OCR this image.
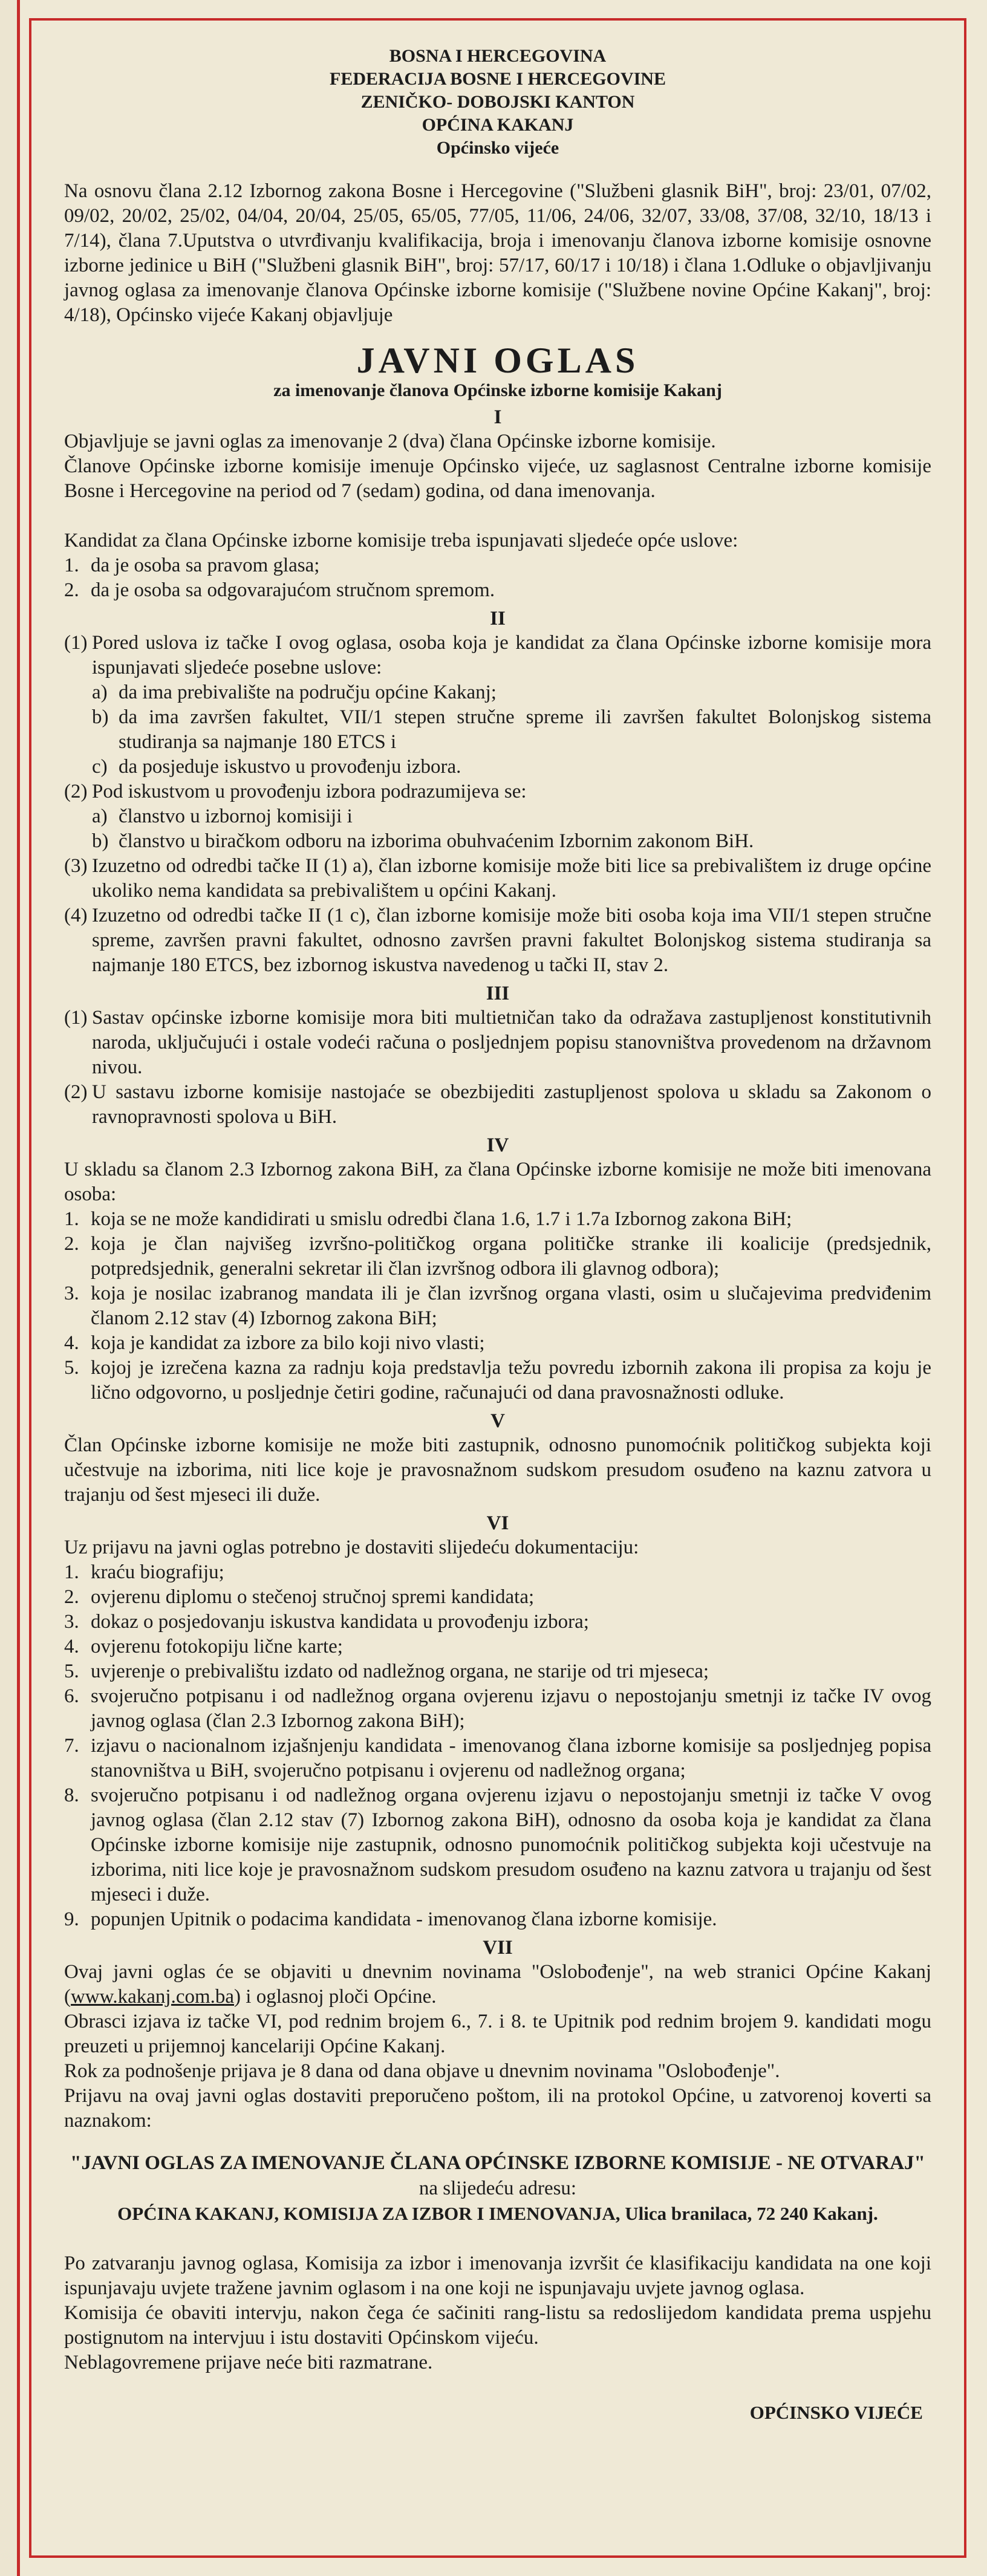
BOSNA I HERCEGOVINA
FEDERACIJA BOSNE I HERCEGOVINE
ZENIČKO- DOBOJSKI KANTON
OPĆINA KAKANJ
Općinsko vijeće

Na osnovu člana 2.12 Izbornog zakona Bosne i Hercegovine ("Službeni glasnik BiH", broj: 23/01, 07/02, 09/02, 20/02, 25/02, 04/04, 20/04, 25/05, 65/05, 77/05, 11/06, 24/06, 32/07, 33/08, 37/08, 32/10, 18/13 i 7/14), člana 7.Uputstva o utvrđivanju kvalifikacija, broja i imenovanju članova izborne komisije osnovne izborne jedinice u BiH ("Službeni glasnik BiH", broj: 57/17, 60/17 i 10/18) i člana 1.Odluke o objavljivanju javnog oglasa za imenovanje članova Općinske izborne komisije ("Službene novine Općine Kakanj", broj: 4/18), Općinsko vijeće Kakanj objavljuje

JAVNI OGLAS
za imenovanje članova Općinske izborne komisije Kakanj
I

Objavljuje se javni oglas za imenovanje 2 (dva) člana Općinske izborne komisije.

Članove Općinske izborne komisije imenuje Općinsko vijeće, uz saglasnost Centralne izborne komisije Bosne i Hercegovine na period od 7 (sedam) godina, od dana imenovanja.

Kandidat za člana Općinske izborne komisije treba ispunjavati sljedeće opće uslove:

1. da je osoba sa pravom glasa;
2. da je osoba sa odgovarajućom stručnom spremom.
II
(1) Pored uslova iz tačke I ovog oglasa, osoba koja je kandidat za člana Općinske izborne komisije mora ispunjavati sljedeće posebne uslove:
a) da ima prebivalište na području općine Kakanj;
b) da ima završen fakultet, VII/1 stepen stručne spreme ili završen fakultet Bolonjskog sistema studiranja sa najmanje 180 ETCS i
c) da posjeduje iskustvo u provođenju izbora.
(2) Pod iskustvom u provođenju izbora podrazumijeva se:
a) članstvo u izbornoj komisiji i
b) članstvo u biračkom odboru na izborima obuhvaćenim Izbornim zakonom BiH.
(3) Izuzetno od odredbi tačke II (1) a), član izborne komisije može biti lice sa prebivalištem iz druge općine ukoliko nema kandidata sa prebivalištem u općini Kakanj.
(4) Izuzetno od odredbi tačke II (1 c), član izborne komisije može biti osoba koja ima VII/1 stepen stručne spreme, završen pravni fakultet, odnosno završen pravni fakultet Bolonjskog sistema studiranja sa najmanje 180 ETCS, bez izbornog iskustva navedenog u tački II, stav 2.
III
(1) Sastav općinske izborne komisije mora biti multietničan tako da odražava zastupljenost konstitutivnih naroda, uključujući i ostale vodeći računa o posljednjem popisu stanovništva provedenom na državnom nivou.
(2) U sastavu izborne komisije nastojaće se obezbijediti zastupljenost spolova u skladu sa Zakonom o ravnopravnosti spolova u BiH.
IV

U skladu sa članom 2.3 Izbornog zakona BiH, za člana Općinske izborne komisije ne može biti imenovana osoba:

1. koja se ne može kandidirati u smislu odredbi člana 1.6, 1.7 i 1.7a Izbornog zakona BiH;
2. koja je član najvišeg izvršno-političkog organa političke stranke ili koalicije (predsjednik, potpredsjednik, generalni sekretar ili član izvršnog odbora ili glavnog odbora);
3. koja je nosilac izabranog mandata ili je član izvršnog organa vlasti, osim u slučajevima predviđenim članom 2.12 stav (4) Izbornog zakona BiH;
4. koja je kandidat za izbore za bilo koji nivo vlasti;
5. kojoj je izrečena kazna za radnju koja predstavlja težu povredu izbornih zakona ili propisa za koju je lično odgovorno, u posljednje četiri godine, računajući od dana pravosnažnosti odluke.
V

Član Općinske izborne komisije ne može biti zastupnik, odnosno punomoćnik političkog subjekta koji učestvuje na izborima, niti lice koje je pravosnažnom sudskom presudom osuđeno na kaznu zatvora u trajanju od šest mjeseci ili duže.

VI

Uz prijavu na javni oglas potrebno je dostaviti slijedeću dokumentaciju:

1. kraću biografiju;
2. ovjerenu diplomu o stečenoj stručnoj spremi kandidata;
3. dokaz o posjedovanju iskustva kandidata u provođenju izbora;
4. ovjerenu fotokopiju lične karte;
5. uvjerenje o prebivalištu izdato od nadležnog organa, ne starije od tri mjeseca;
6. svojeručno potpisanu i od nadležnog organa ovjerenu izjavu o nepostojanju smetnji iz tačke IV ovog javnog oglasa (član 2.3 Izbornog zakona BiH);
7. izjavu o nacionalnom izjašnjenju kandidata - imenovanog člana izborne komisije sa posljednjeg popisa stanovništva u BiH, svojeručno potpisanu i ovjerenu od nadležnog organa;
8. svojeručno potpisanu i od nadležnog organa ovjerenu izjavu o nepostojanju smetnji iz tačke V ovog javnog oglasa (član 2.12 stav (7) Izbornog zakona BiH), odnosno da osoba koja je kandidat za člana Općinske izborne komisije nije zastupnik, odnosno punomoćnik političkog subjekta koji učestvuje na izborima, niti lice koje je pravosnažnom sudskom presudom osuđeno na kaznu zatvora u trajanju od šest mjeseci i duže.
9. popunjen Upitnik o podacima kandidata - imenovanog člana izborne komisije.
VII

Ovaj javni oglas će se objaviti u dnevnim novinama "Oslobođenje", na web stranici Općine Kakanj (www.kakanj.com.ba) i oglasnoj ploči Općine.

Obrasci izjava iz tačke VI, pod rednim brojem 6., 7. i 8. te Upitnik pod rednim brojem 9. kandidati mogu preuzeti u prijemnoj kancelariji Općine Kakanj.

Rok za podnošenje prijava je 8 dana od dana objave u dnevnim novinama "Oslobođenje".

Prijavu na ovaj javni oglas dostaviti preporučeno poštom, ili na protokol Općine, u zatvorenoj koverti sa naznakom:

"JAVNI OGLAS ZA IMENOVANJE ČLANA OPĆINSKE IZBORNE KOMISIJE - NE OTVARAJ" na slijedeću adresu:
OPĆINA KAKANJ, KOMISIJA ZA IZBOR I IMENOVANJA, Ulica branilaca, 72 240 Kakanj.

Po zatvaranju javnog oglasa, Komisija za izbor i imenovanja izvršit će klasifikaciju kandidata na one koji ispunjavaju uvjete tražene javnim oglasom i na one koji ne ispunjavaju uvjete javnog oglasa.

Komisija će obaviti intervju, nakon čega će sačiniti rang-listu sa redoslijedom kandidata prema uspjehu postignutom na intervjuu i istu dostaviti Općinskom vijeću.

Neblagovremene prijave neće biti razmatrane.

OPĆINSKO VIJEĆE
